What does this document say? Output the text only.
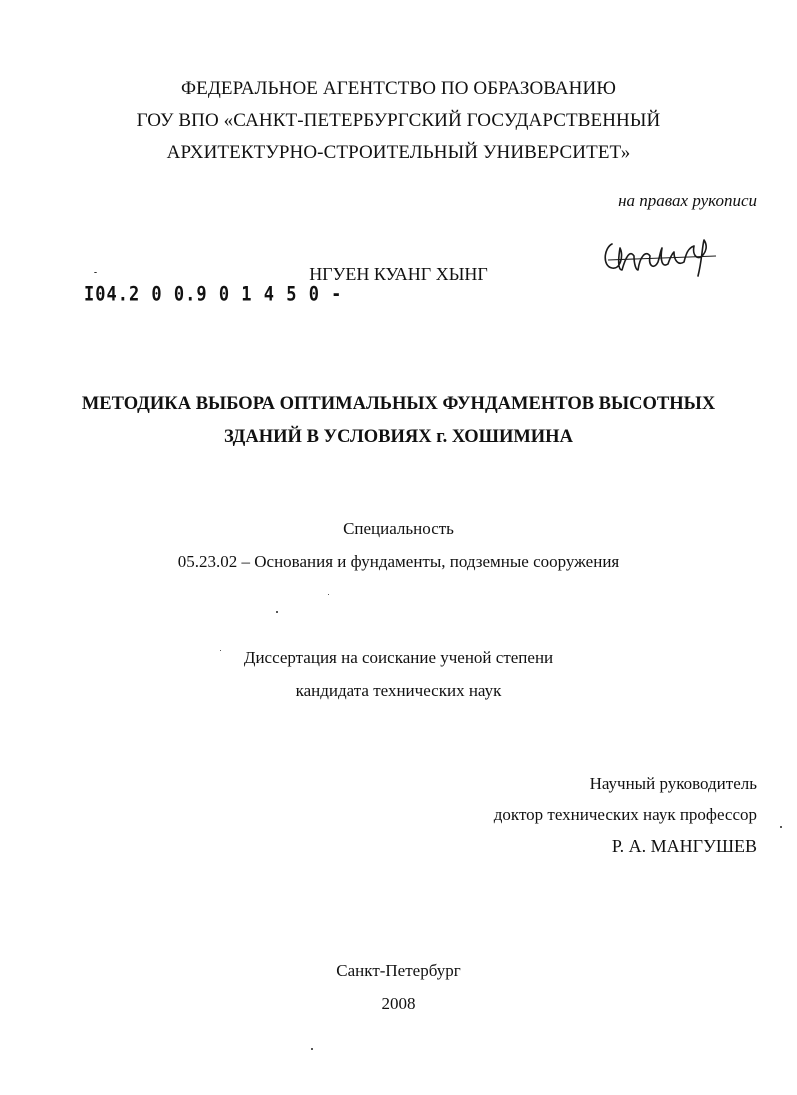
ФЕДЕРАЛЬНОЕ АГЕНТСТВО ПО ОБРАЗОВАНИЮ
ГОУ ВПО «САНКТ-ПЕТЕРБУРГСКИЙ ГОСУДАРСТВЕННЫЙ
АРХИТЕКТУРНО-СТРОИТЕЛЬНЫЙ УНИВЕРСИТЕТ»
на правах рукописи
I04.2 0 0.9 0 1 4 5 0 -
НГУЕН КУАНГ ХЫНГ
МЕТОДИКА ВЫБОРА ОПТИМАЛЬНЫХ ФУНДАМЕНТОВ ВЫСОТНЫХ
ЗДАНИЙ В УСЛОВИЯХ г. ХОШИМИНА
Специальность
05.23.02 – Основания и фундаменты, подземные сооружения
Диссертация на соискание ученой степени
кандидата технических наук
Научный руководитель
доктор технических наук профессор
Р. А. МАНГУШЕВ
Санкт-Петербург
2008
